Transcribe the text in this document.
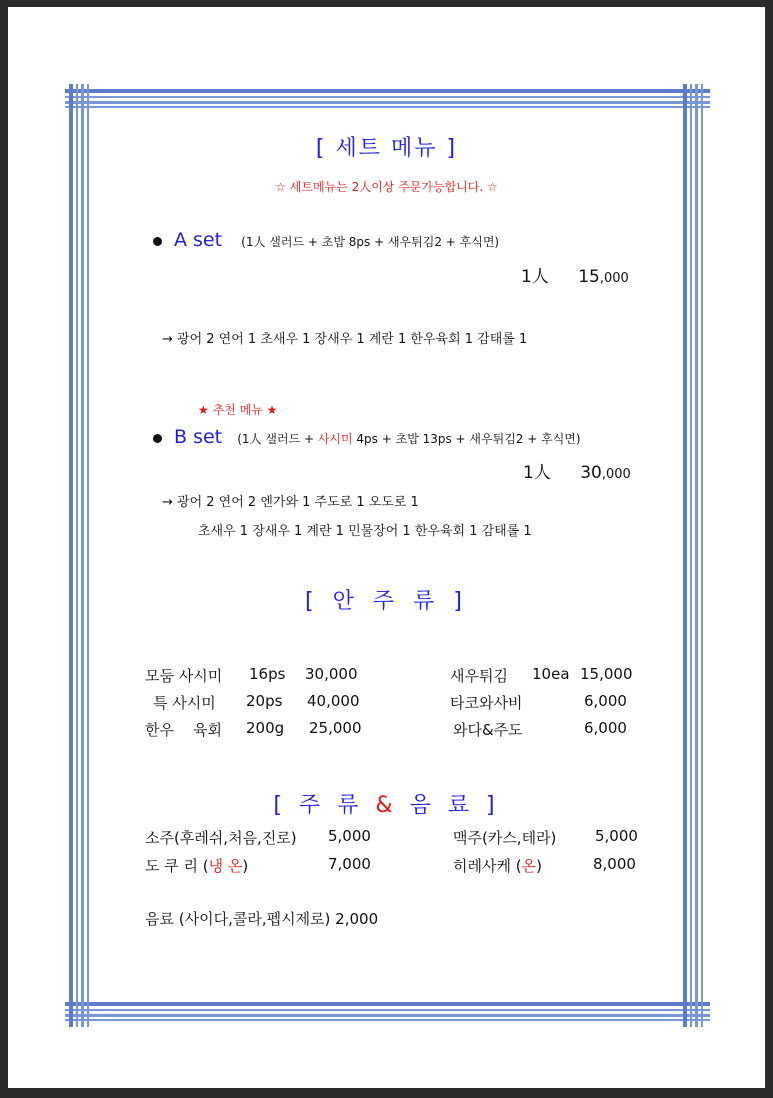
[ 세트 메뉴 ]
☆ 세트메뉴는 2人이상 주문가능합니다. ☆
A set (1人 샐러드 + 초밥 8ps + 새우튀김2 + 후식면)
1人 15,000
→ 광어 2 연어 1 초새우 1 장새우 1 계란 1 한우육회 1 감태롤 1
★ 추천 메뉴 ★
B set (1人 샐러드 + 사시미 4ps + 초밥 13ps + 새우튀김2 + 후식면)
1人 30,000
→ 광어 2 연어 2 엔가와 1 주도로 1 오도로 1
초새우 1 장새우 1 계란 1 민물장어 1 한우육회 1 감태롤 1
[ 안 주 류 ]
모둠 사시미 16ps 30,000
특 사시미 20ps 40,000
한우    육회 200g 25,000
새우튀김 10ea 15,000
타코와사비	6,000
와다&주도	6,000
[ 주 류 & 음 료 ]
소주(후레쉬,처음,진로) 5,000	맥주(카스,테라)	5,000
도 쿠 리 (냉 온)	7,000	히레사케 (온)	8,000
음료 (사이다,콜라,펩시제로) 2,000
